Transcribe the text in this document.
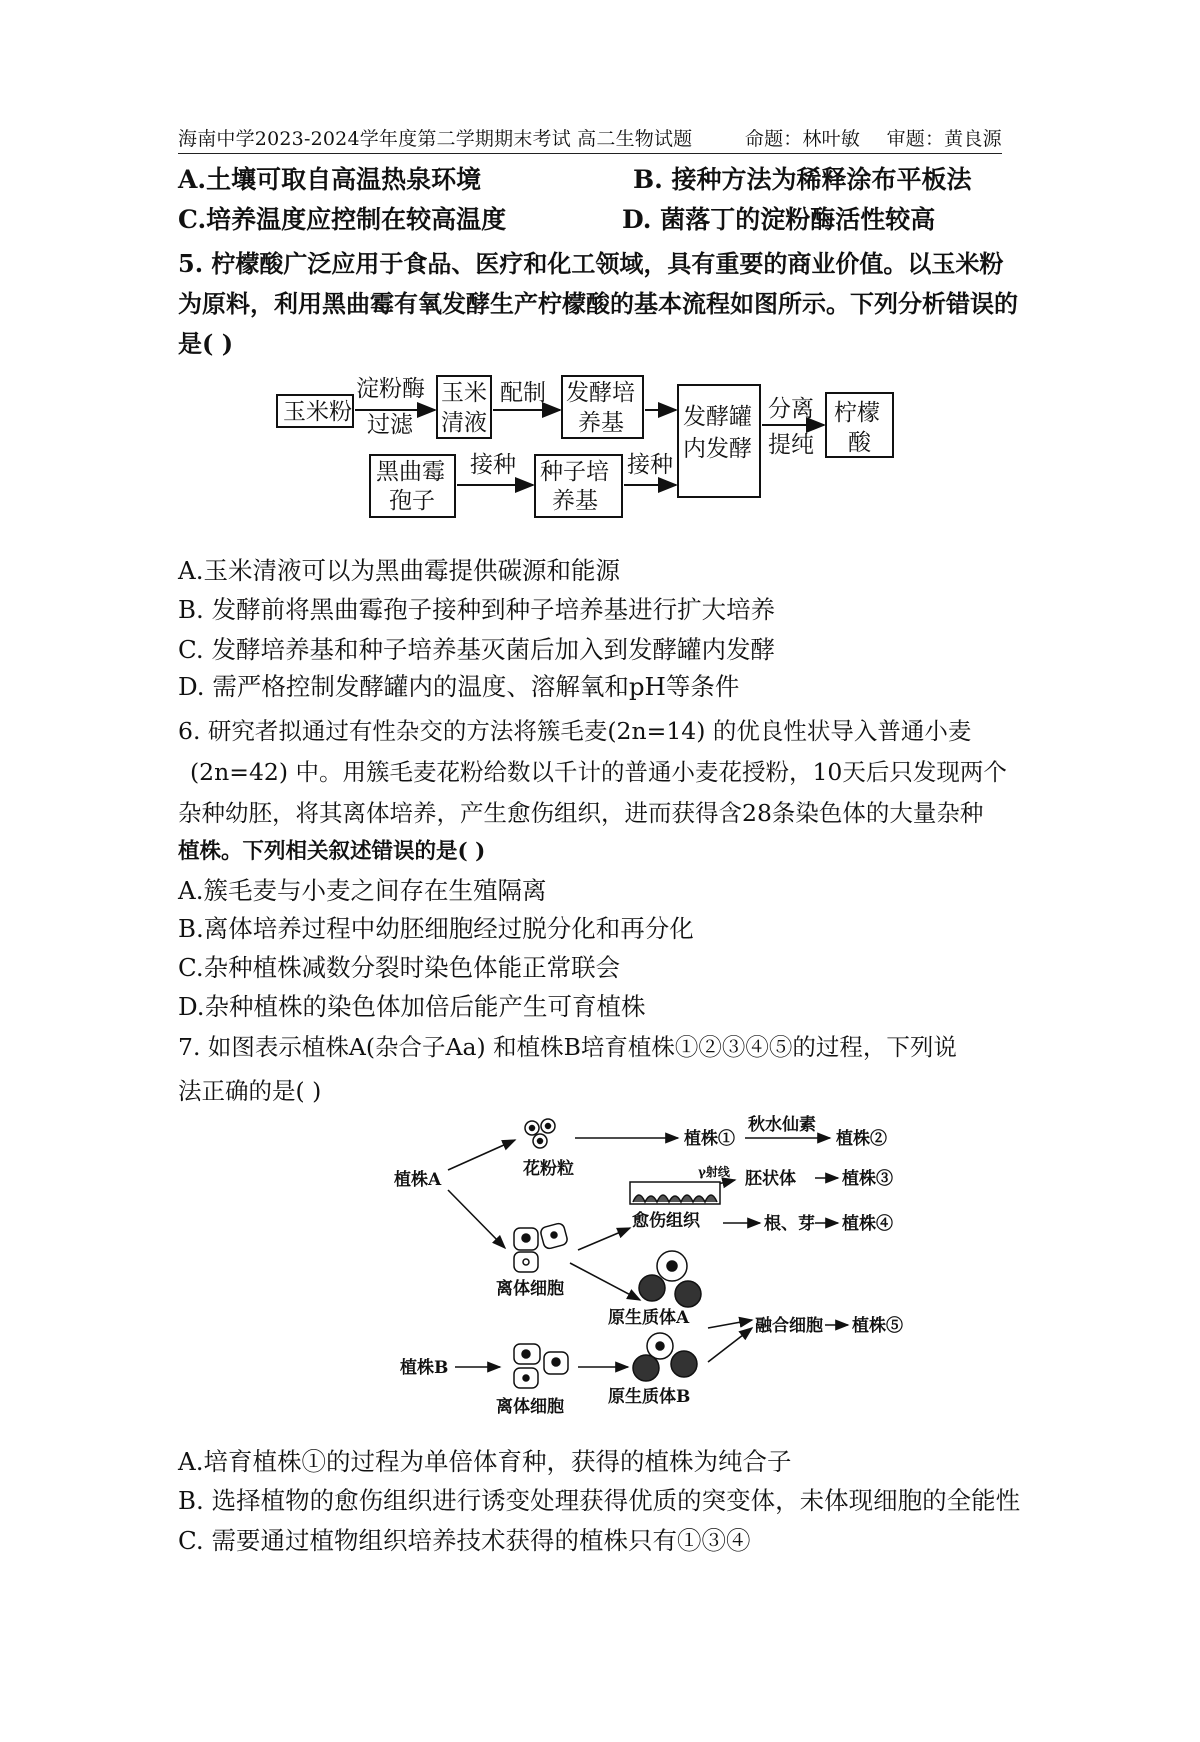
海南中学2023-2024学年度第二学期期末考试 高二生物试题	命题：林叶敏 审题：黄良源
A.土壤可取自高温热泉环境	B. 接种方法为稀释涂布平板法
C.培养温度应控制在较高温度	D. 菌落丁的淀粉酶活性较高
5. 柠檬酸广泛应用于食品、医疗和化工领域，具有重要的商业价值。以玉米粉
为原料，利用黑曲霉有氧发酵生产柠檬酸的基本流程如图所示。下列分析错误的
是( )
玉米粉
淀粉酶
过滤
玉米
清液
配制 发酵培
养基	发酵罐
内发酵
分离
提纯
柠檬
酸
黑曲霉
孢子
接种 种子培
养基
接种
A.玉米清液可以为黑曲霉提供碳源和能源
B. 发酵前将黑曲霉孢子接种到种子培养基进行扩大培养
C. 发酵培养基和种子培养基灭菌后加入到发酵罐内发酵
D. 需严格控制发酵罐内的温度、溶解氧和pH等条件
6. 研究者拟通过有性杂交的方法将簇毛麦(2n=14) 的优良性状导入普通小麦
(2n=42) 中。用簇毛麦花粉给数以千计的普通小麦花授粉，10天后只发现两个
杂种幼胚，将其离体培养，产生愈伤组织，进而获得含28条染色体的大量杂种
植株。下列相关叙述错误的是( )
A.簇毛麦与小麦之间存在生殖隔离
B.离体培养过程中幼胚细胞经过脱分化和再分化
C.杂种植株减数分裂时染色体能正常联会
D.杂种植株的染色体加倍后能产生可育植株
7. 如图表示植株A(杂合子Aa) 和植株B培育植株①②③④⑤的过程，下列说
法正确的是( )
植株A
花粉粒
植株①
秋水仙素
植株②
γ射线 胚状体	植株③
愈伤组织	根、芽 植株④
离体细胞
原生质体A	融合细胞 植株⑤
植株B
离体细胞	原生质体B
A.培育植株①的过程为单倍体育种，获得的植株为纯合子
B. 选择植物的愈伤组织进行诱变处理获得优质的突变体，未体现细胞的全能性
C. 需要通过植物组织培养技术获得的植株只有①③④
